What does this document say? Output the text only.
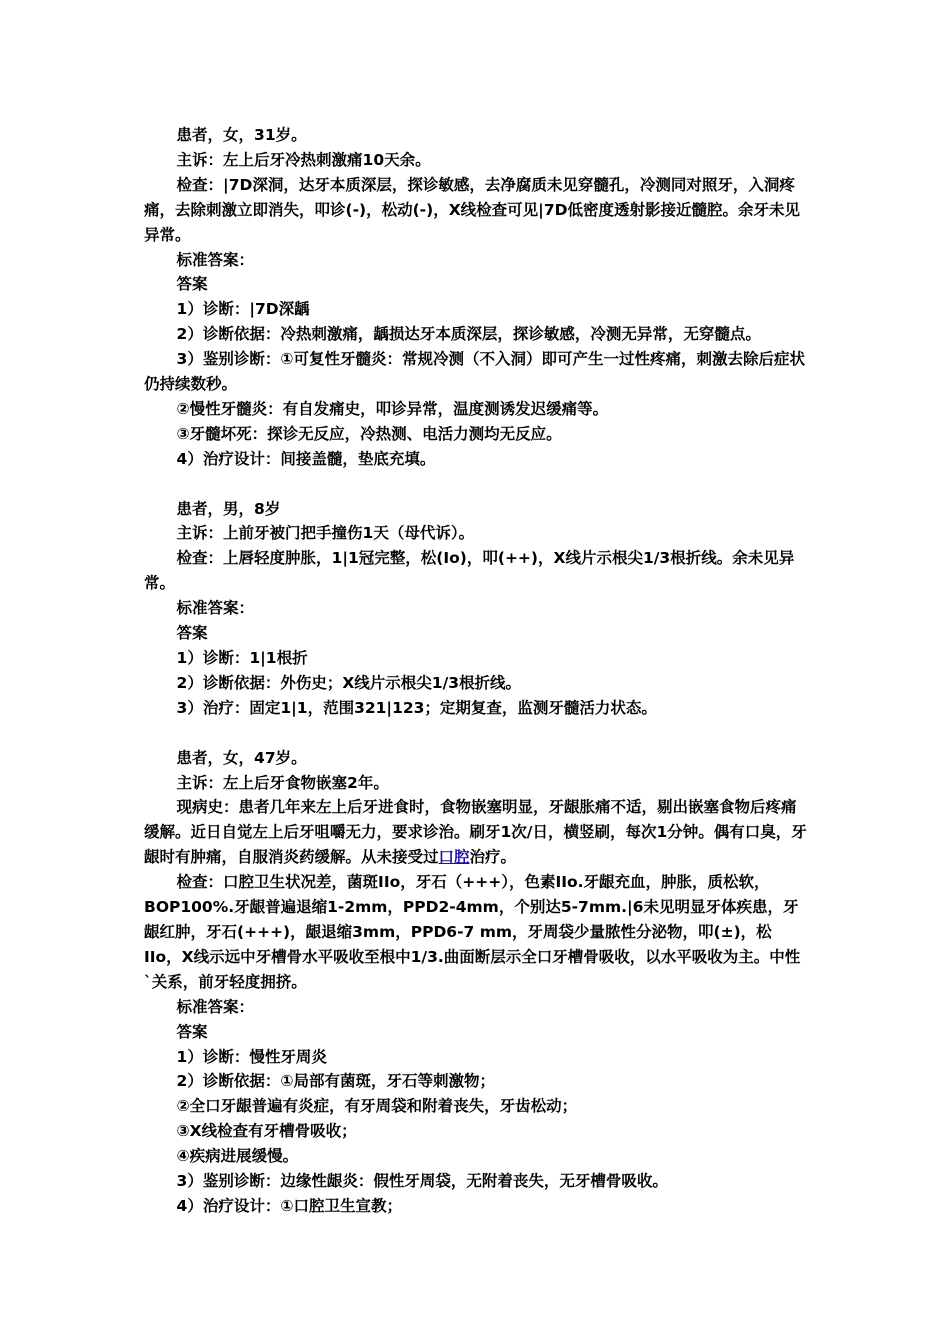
患者，女，31岁。

主诉：左上后牙冷热刺激痛10天余。

检查：|7D深洞，达牙本质深层，探诊敏感，去净腐质未见穿髓孔，冷测同对照牙，入洞疼痛，去除刺激立即消失，叩诊(-)，松动(-)，X线检查可见|7D低密度透射影接近髓腔。余牙未见异常。

标准答案：

答案

1）诊断：|7D深龋

2）诊断依据：冷热刺激痛，龋损达牙本质深层，探诊敏感，冷测无异常，无穿髓点。

3）鉴别诊断：①可复性牙髓炎：常规冷测（不入洞）即可产生一过性疼痛，刺激去除后症状仍持续数秒。

②慢性牙髓炎：有自发痛史，叩诊异常，温度测诱发迟缓痛等。

③牙髓坏死：探诊无反应，冷热测、电活力测均无反应。

4）治疗设计：间接盖髓，垫底充填。

患者，男，8岁

主诉：上前牙被门把手撞伤1天（母代诉）。

检查：上唇轻度肿胀，1|1冠完整，松(Io)，叩(++)，X线片示根尖1/3根折线。余未见异常。

标准答案：

答案

1）诊断：1|1根折

2）诊断依据：外伤史；X线片示根尖1/3根折线。

3）治疗：固定1|1，范围321|123；定期复查，监测牙髓活力状态。

患者，女，47岁。

主诉：左上后牙食物嵌塞2年。

现病史：患者几年来左上后牙进食时，食物嵌塞明显，牙龈胀痛不适，剔出嵌塞食物后疼痛缓解。近日自觉左上后牙咀嚼无力，要求诊治。刷牙1次/日，横竖刷，每次1分钟。偶有口臭，牙龈时有肿痛，自服消炎药缓解。从未接受过口腔治疗。

检查：口腔卫生状况差，菌斑IIo，牙石（+++），色素IIo.牙龈充血，肿胀，质松软，BOP100%.牙龈普遍退缩1-2mm，PPD2-4mm，个别达5-7mm.|6未见明显牙体疾患，牙龈红肿，牙石(+++)，龈退缩3mm，PPD6-7 mm，牙周袋少量脓性分泌物，叩(±)，松IIo，X线示远中牙槽骨水平吸收至根中1/3.曲面断层示全口牙槽骨吸收，以水平吸收为主。中性 `关系，前牙轻度拥挤。

标准答案：

答案

1）诊断：慢性牙周炎

2）诊断依据：①局部有菌斑，牙石等刺激物；

②全口牙龈普遍有炎症，有牙周袋和附着丧失，牙齿松动；

③X线检查有牙槽骨吸收；

④疾病进展缓慢。

3）鉴别诊断：边缘性龈炎：假性牙周袋，无附着丧失，无牙槽骨吸收。

4）治疗设计：①口腔卫生宣教；
